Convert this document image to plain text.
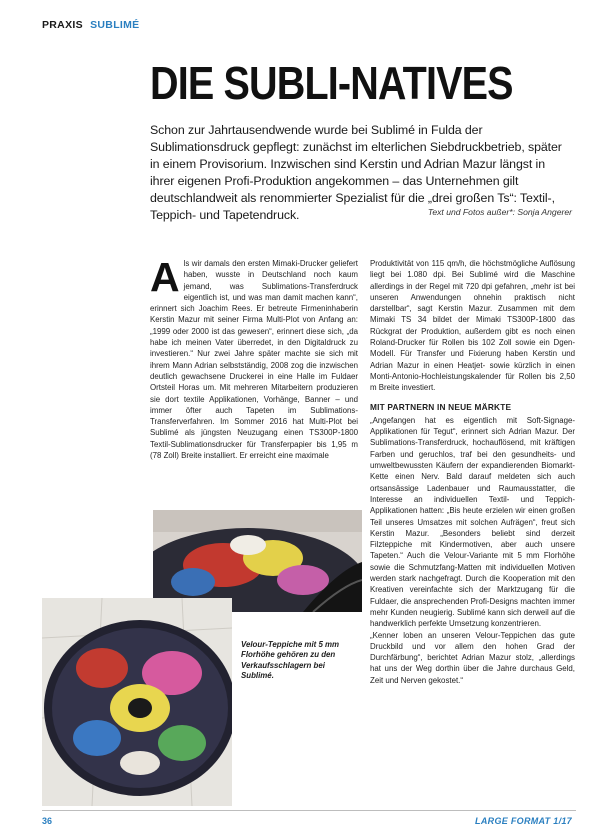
PRAXIS SUBLIMÉ
DIE SUBLI-NATIVES

Schon zur Jahrtausendwende wurde bei Sublimé in Fulda der Sublimationsdruck gepflegt: zunächst im elterlichen Siebdruckbetrieb, später in einem Provisorium. Inzwischen sind Kerstin und Adrian Mazur längst in ihrer eigenen Profi-Produktion angekommen – das Unternehmen gilt deutschlandweit als renommierter Spezialist für die „drei großen Ts“: Textil-, Teppich- und Tapetendruck.	Text und Fotos außer*: Sonja Angerer
A ls wir damals den ersten Mimaki-Drucker geliefert haben, wusste in Deutschland noch kaum jemand, was Sublimations-Transferdruck eigentlich ist, und was man damit machen kann“, erinnert sich Joachim Rees. Er betreute Firmeninhaberin Kerstin Mazur mit seiner Firma Multi-Plot von Anfang an: „1999 oder 2000 ist das gewesen“, erinnert diese sich, „da habe ich meinen Vater überredet, in den Digitaldruck zu investieren.“ Nur zwei Jahre später machte sie sich mit ihrem Mann Adrian selbstständig, 2008 zog die inzwischen deutlich gewachsene Druckerei in eine Halle im Fuldaer Ortsteil Horas um. Mit mehreren Mitarbeitern produzieren sie dort textile Applikationen, Vorhänge, Banner – und immer öfter auch Tapeten im Sublimations-Transferverfahren. Im Sommer 2016 hat Multi-Plot bei Sublimé als jüngsten Neuzugang einen TS300P-1800 Textil-Sublimationsdrucker für Transferpapier bis 1,95 m (78 Zoll) Breite installiert. Er erreicht eine maximale

Produktivität von 115 qm/h, die höchstmögliche Auflösung liegt bei 1.080 dpi. Bei Sublimé wird die Maschine allerdings in der Regel mit 720 dpi gefahren, „mehr ist bei unseren Anwendungen ohnehin praktisch nicht darstellbar“, sagt Kerstin Mazur. Zusammen mit dem Mimaki TS 34 bildet der Mimaki TS300P-1800 das Rückgrat der Produktion, außerdem gibt es noch einen Roland-Drucker für Rollen bis 102 Zoll sowie ein Dgen-Modell. Für Transfer und Fixierung haben Kerstin und Adrian Mazur in einen Heatjet- sowie kürzlich in einen Monti-Antonio-Hochleistungskalender für Rollen bis 2,50 m Breite investiert.

MIT PARTNERN IN NEUE MÄRKTE

„Angefangen hat es eigentlich mit Soft-Signage-Applikationen für Tegut“, erinnert sich Adrian Mazur. Der Sublimations-Transferdruck, hochauflösend, mit kräftigen Farben und geruchlos, traf bei den gesundheits- und umweltbewussten Käufern der expandierenden Biomarkt-Kette einen Nerv. Bald darauf meldeten sich auch ortsansässige Ladenbauer und Raumausstatter, die Interesse an individuellen Textil- und Teppich-Applikationen hatten: „Bis heute erzielen wir einen großen Teil unseres Umsatzes mit solchen Aufrägen“, freut sich Kerstin Mazur. „Besonders beliebt sind derzeit Filzteppiche mit Kindermotiven, aber auch unsere Tapeten.“ Auch die Velour-Variante mit 5 mm Florhöhe sowie die Schmutzfang-Matten mit individuellen Motiven werden stark nachgefragt. Durch die Kooperation mit den Kreativen vereinfachte sich der Marktzugang für die Fuldaer, die ansprechenden Profi-Designs machten immer mehr Kunden neugierig. Sublimé kann sich derweil auf die handwerklich perfekte Umsetzung konzentrieren.

„Kenner loben an unseren Velour-Teppichen das gute Druckbild und vor allem den hohen Grad der Durchfärbung“, berichtet Adrian Mazur stolz, „allerdings hat uns der Weg dorthin über die Jahre durchaus Geld, Zeit und Nerven gekostet.“

Velour-Teppiche mit 5 mm Florhöhe gehören zu den Verkaufsschlagern bei Sublimé.

36	LARGE FORMAT 1/17
